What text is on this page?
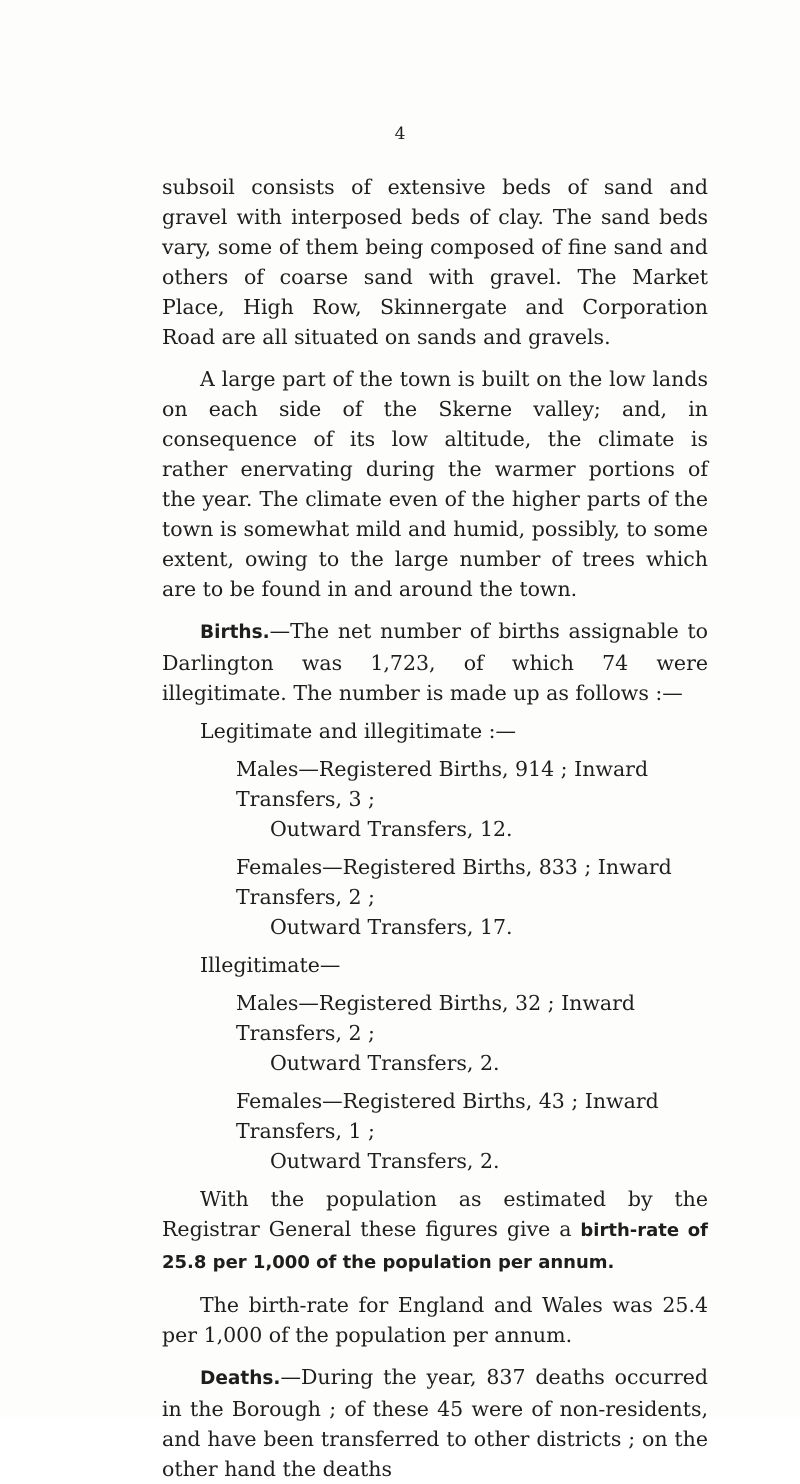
4

subsoil consists of extensive beds of sand and gravel with interposed beds of clay. The sand beds vary, some of them being composed of fine sand and others of coarse sand with gravel. The Market Place, High Row, Skinnergate and Corporation Road are all situated on sands and gravels.

A large part of the town is built on the low lands on each side of the Skerne valley; and, in consequence of its low altitude, the climate is rather enervating during the warmer portions of the year. The climate even of the higher parts of the town is somewhat mild and humid, possibly, to some extent, owing to the large number of trees which are to be found in and around the town.

Births.—The net number of births assignable to Darlington was 1,723, of which 74 were illegitimate. The number is made up as follows :—

Legitimate and illegitimate :—

Males—Registered Births, 914 ; Inward Transfers, 3 ;

Outward Transfers, 12.

Females—Registered Births, 833 ; Inward Transfers, 2 ;

Outward Transfers, 17.

Illegitimate—

Males—Registered Births, 32 ; Inward Transfers, 2 ;

Outward Transfers, 2.

Females—Registered Births, 43 ; Inward Transfers, 1 ;

Outward Transfers, 2.

With the population as estimated by the Registrar General these figures give a birth-rate of 25.8 per 1,000 of the population per annum.

The birth-rate for England and Wales was 25.4 per 1,000 of the population per annum.

Deaths.—During the year, 837 deaths occurred in the Borough ; of these 45 were of non-residents, and have been transferred to other districts ; on the other hand the deaths
